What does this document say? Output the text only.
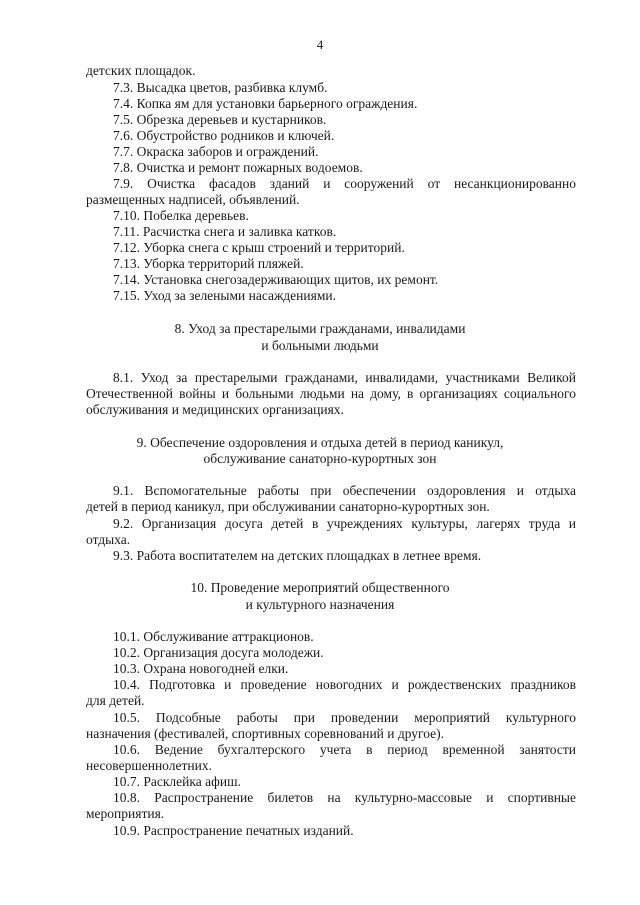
4
детских площадок.
7.3. Высадка цветов, разбивка клумб.
7.4. Копка ям для установки барьерного ограждения.
7.5. Обрезка деревьев и кустарников.
7.6. Обустройство родников и ключей.
7.7. Окраска заборов и ограждений.
7.8. Очистка и ремонт пожарных водоемов.
7.9. Очистка фасадов зданий и сооружений от несанкционированно
размещенных надписей, объявлений.
7.10. Побелка деревьев.
7.11. Расчистка снега и заливка катков.
7.12. Уборка снега с крыш строений и территорий.
7.13. Уборка территорий пляжей.
7.14. Установка снегозадерживающих щитов, их ремонт.
7.15. Уход за зелеными насаждениями.
8. Уход за престарелыми гражданами, инвалидами
и больными людьми
8.1. Уход за престарелыми гражданами, инвалидами, участниками Великой
Отечественной войны и больными людьми на дому, в организациях социального
обслуживания и медицинских организациях.
9. Обеспечение оздоровления и отдыха детей в период каникул,
обслуживание санаторно-курортных зон
9.1. Вспомогательные работы при обеспечении оздоровления и отдыха
детей в период каникул, при обслуживании санаторно-курортных зон.
9.2. Организация досуга детей в учреждениях культуры, лагерях труда и
отдыха.
9.3. Работа воспитателем на детских площадках в летнее время.
10. Проведение мероприятий общественного
и культурного назначения
10.1. Обслуживание аттракционов.
10.2. Организация досуга молодежи.
10.3. Охрана новогодней елки.
10.4. Подготовка и проведение новогодних и рождественских праздников
для детей.
10.5. Подсобные работы при проведении мероприятий культурного
назначения (фестивалей, спортивных соревнований и другое).
10.6. Ведение бухгалтерского учета в период временной занятости
несовершеннолетних.
10.7. Расклейка афиш.
10.8. Распространение билетов на культурно-массовые и спортивные
мероприятия.
10.9. Распространение печатных изданий.
